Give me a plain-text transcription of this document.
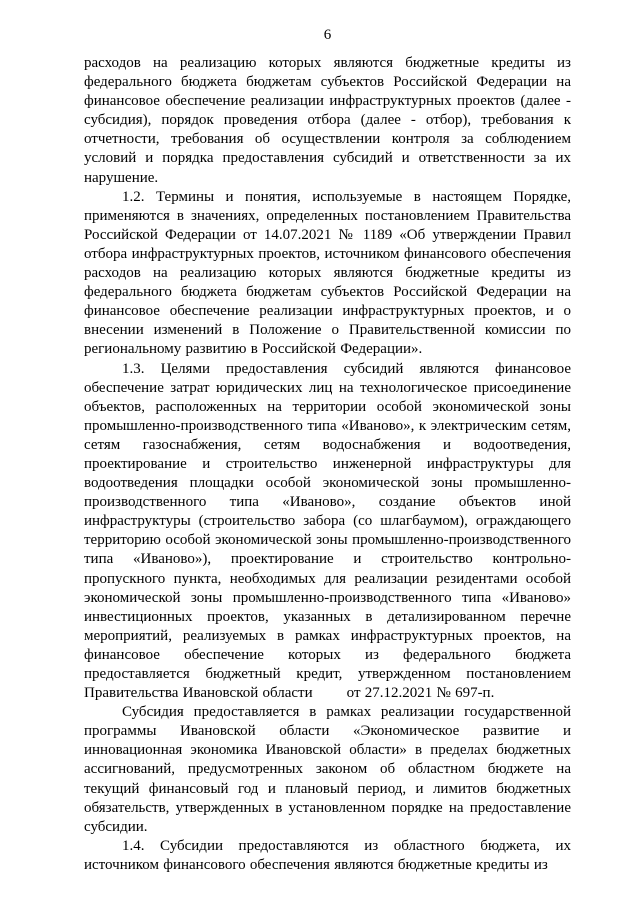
6

расходов на реализацию которых являются бюджетные кредиты из федерального бюджета бюджетам субъектов Российской Федерации на финансовое обеспечение реализации инфраструктурных проектов (далее - субсидия), порядок проведения отбора (далее - отбор), требования к отчетности, требования об осуществлении контроля за соблюдением условий и порядка предоставления субсидий и ответственности за их нарушение.

1.2. Термины и понятия, используемые в настоящем Порядке, применяются в значениях, определенных постановлением Правительства Российской Федерации от 14.07.2021 № 1189 «Об утверждении Правил отбора инфраструктурных проектов, источником финансового обеспечения расходов на реализацию которых являются бюджетные кредиты из федерального бюджета бюджетам субъектов Российской Федерации на финансовое обеспечение реализации инфраструктурных проектов, и о внесении изменений в Положение о Правительственной комиссии по региональному развитию в Российской Федерации».

1.3. Целями предоставления субсидий являются финансовое обеспечение затрат юридических лиц на технологическое присоединение объектов, расположенных на территории особой экономической зоны промышленно-производственного типа «Иваново», к электрическим сетям, сетям газоснабжения, сетям водоснабжения и водоотведения, проектирование и строительство инженерной инфраструктуры для водоотведения площадки особой экономической зоны промышленно-производственного типа «Иваново», создание объектов иной инфраструктуры (строительство забора (со шлагбаумом), ограждающего территорию особой экономической зоны промышленно-производственного типа «Иваново»), проектирование и строительство контрольно-пропускного пункта, необходимых для реализации резидентами особой экономической зоны промышленно-производственного типа «Иваново» инвестиционных проектов, указанных в детализированном перечне мероприятий, реализуемых в рамках инфраструктурных проектов, на финансовое обеспечение которых из федерального бюджета предоставляется бюджетный кредит, утвержденном постановлением Правительства Ивановской области        от 27.12.2021 № 697-п.

Субсидия предоставляется в рамках реализации государственной программы Ивановской области «Экономическое развитие и инновационная экономика Ивановской области» в пределах бюджетных ассигнований, предусмотренных законом об областном бюджете на текущий финансовый год и плановый период, и лимитов бюджетных обязательств, утвержденных в установленном порядке на предоставление субсидии.

1.4. Субсидии предоставляются из областного бюджета, их источником финансового обеспечения являются бюджетные кредиты из
